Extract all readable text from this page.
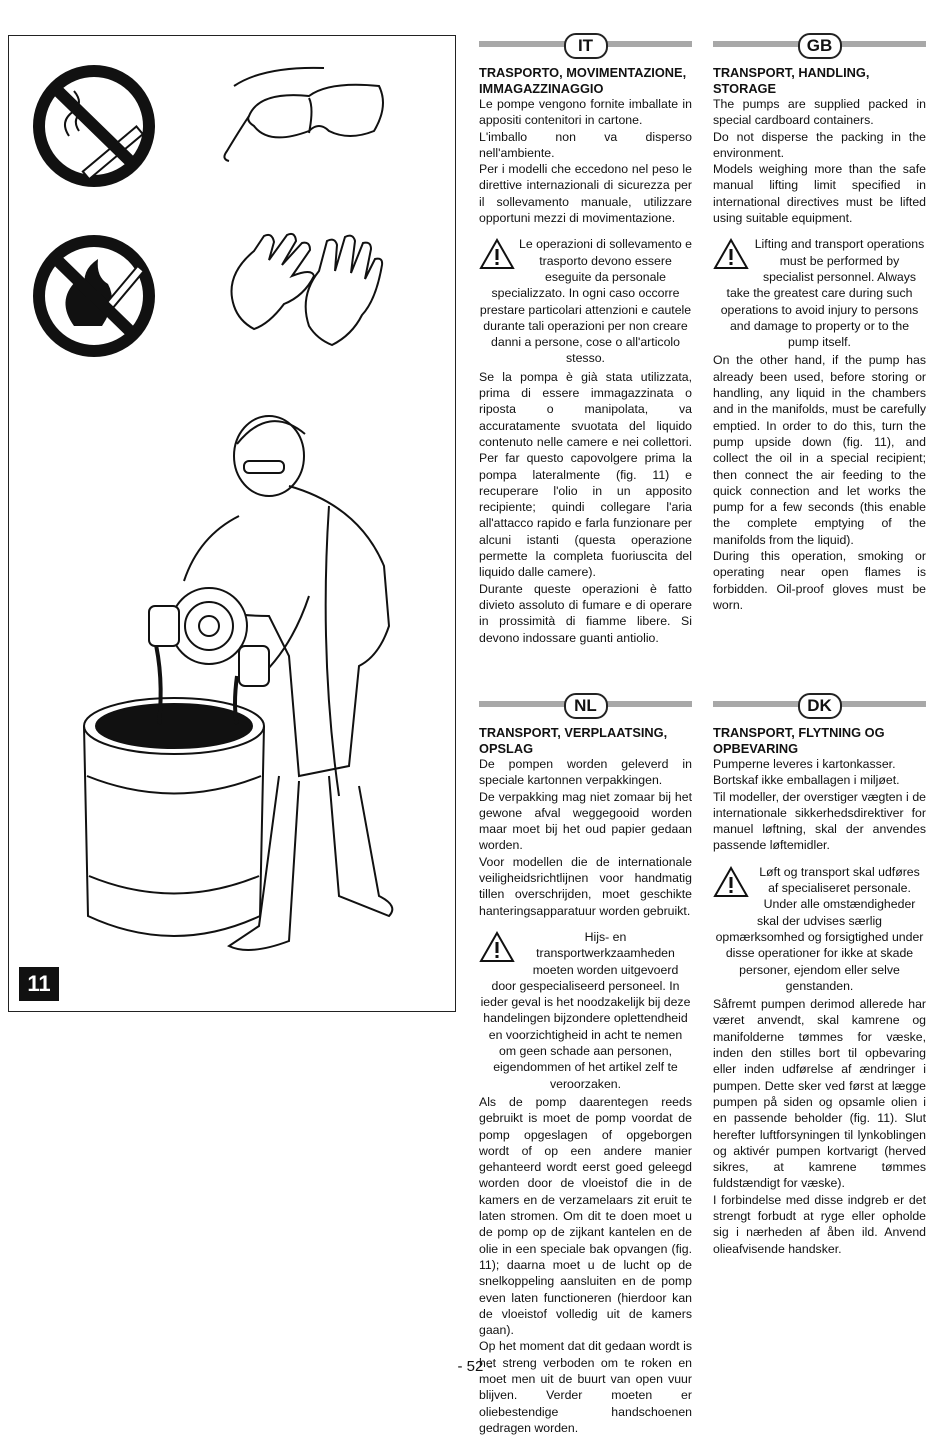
11
IT
TRASPORTO, MOVIMENTAZIONE, IMMAGAZZINAGGIO

Le pompe vengono fornite imballate in appositi contenitori in cartone.

L'imballo non va disperso nell'ambiente.

Per i modelli che eccedono nel peso le direttive internazionali di sicurezza per il sollevamento manuale, utilizzare opportuni mezzi di movimentazione.

Le operazioni di sollevamento e trasporto devono essere eseguite da personale specializzato. In ogni caso occorre prestare particolari attenzioni e cautele durante tali operazioni per non creare danni a persone, cose o all'articolo stesso.

Se la pompa è già stata utilizzata, prima di essere immagazzinata o riposta o manipolata, va accuratamente svuotata del liquido contenuto nelle camere e nei collettori. Per far questo capovolgere prima la pompa lateralmente (fig. 11) e recuperare l'olio in un apposito recipiente; quindi collegare l'aria all'attacco rapido e farla funzionare per alcuni istanti (questa operazione permette la completa fuoriuscita del liquido dalle camere).

Durante queste operazioni è fatto divieto assoluto di fumare e di operare in prossimità di fiamme libere. Si devono indossare guanti antiolio.

GB
TRANSPORT, HANDLING, STORAGE

The pumps are supplied packed in special cardboard containers.

Do not disperse the packing in the environment.

Models weighing more than the safe manual lifting limit specified in international directives must be lifted using suitable equipment.

Lifting and transport operations must be performed by specialist personnel. Always take the greatest care during such operations to avoid injury to persons and damage to property or to the pump itself.

On the other hand, if the pump has already been used, before storing or handling, any liquid in the chambers and in the manifolds, must be carefully emptied. In order to do this, turn the pump upside down (fig. 11), and collect the oil in a special recipient; then connect the air feeding to the quick connection and let works the pump for a few seconds (this enable the complete emptying of the manifolds from the liquid).

During this operation, smoking or operating near open flames is forbidden. Oil-proof gloves must be worn.

NL
TRANSPORT, VERPLAATSING, OPSLAG

De pompen worden geleverd in speciale kartonnen verpakkingen.

De verpakking mag niet zomaar bij het gewone afval weggegooid worden maar moet bij het oud papier gedaan worden.

Voor modellen die de internationale veiligheidsrichtlijnen voor handmatig tillen overschrijden, moet geschikte hanteringsapparatuur worden gebruikt.

Hijs- en transportwerkzaamheden moeten worden uitgevoerd door gespecialiseerd personeel. In ieder geval is het noodzakelijk bij deze handelingen bijzondere oplettendheid en voorzichtigheid in acht te nemen om geen schade aan personen, eigendommen of het artikel zelf te veroorzaken.

Als de pomp daarentegen reeds gebruikt is moet de pomp voordat de pomp opgeslagen of opgeborgen wordt of op een andere manier gehanteerd wordt eerst goed geleegd worden door de vloeistof die in de kamers en de verzamelaars zit eruit te laten stromen. Om dit te doen moet u de pomp op de zijkant kantelen en de olie in een speciale bak opvangen (fig. 11); daarna moet u de lucht op de snelkoppeling aansluiten en de pomp even laten functioneren (hierdoor kan de vloeistof volledig uit de kamers gaan).

Op het moment dat dit gedaan wordt is het streng verboden om te roken en moet men uit de buurt van open vuur blijven. Verder moeten er oliebestendige handschoenen gedragen worden.

DK
TRANSPORT, FLYTNING OG OPBEVARING

Pumperne leveres i kartonkasser.

Bortskaf ikke emballagen i miljøet.

Til modeller, der overstiger vægten i de internationale sikkerhedsdirektiver for manuel løftning, skal der anvendes passende løftemidler.

Løft og transport skal udføres af specialiseret personale. Under alle omstændigheder skal der udvises særlig opmærksomhed og forsigtighed under disse operationer for ikke at skade personer, ejendom eller selve genstanden.

Såfremt pumpen derimod allerede har været anvendt, skal kamrene og manifolderne tømmes for væske, inden den stilles bort til opbevaring eller inden udførelse af ændringer i pumpen. Dette sker ved først at lægge pumpen på siden og opsamle olien i en passende beholder (fig. 11). Slut herefter luftforsyningen til lynkoblingen og aktivér pumpen kortvarigt (herved sikres, at kamrene tømmes fuldstændigt for væske).

I forbindelse med disse indgreb er det strengt forbudt at ryge eller opholde sig i nærheden af åben ild. Anvend olieafvisende handsker.

- 52 -
